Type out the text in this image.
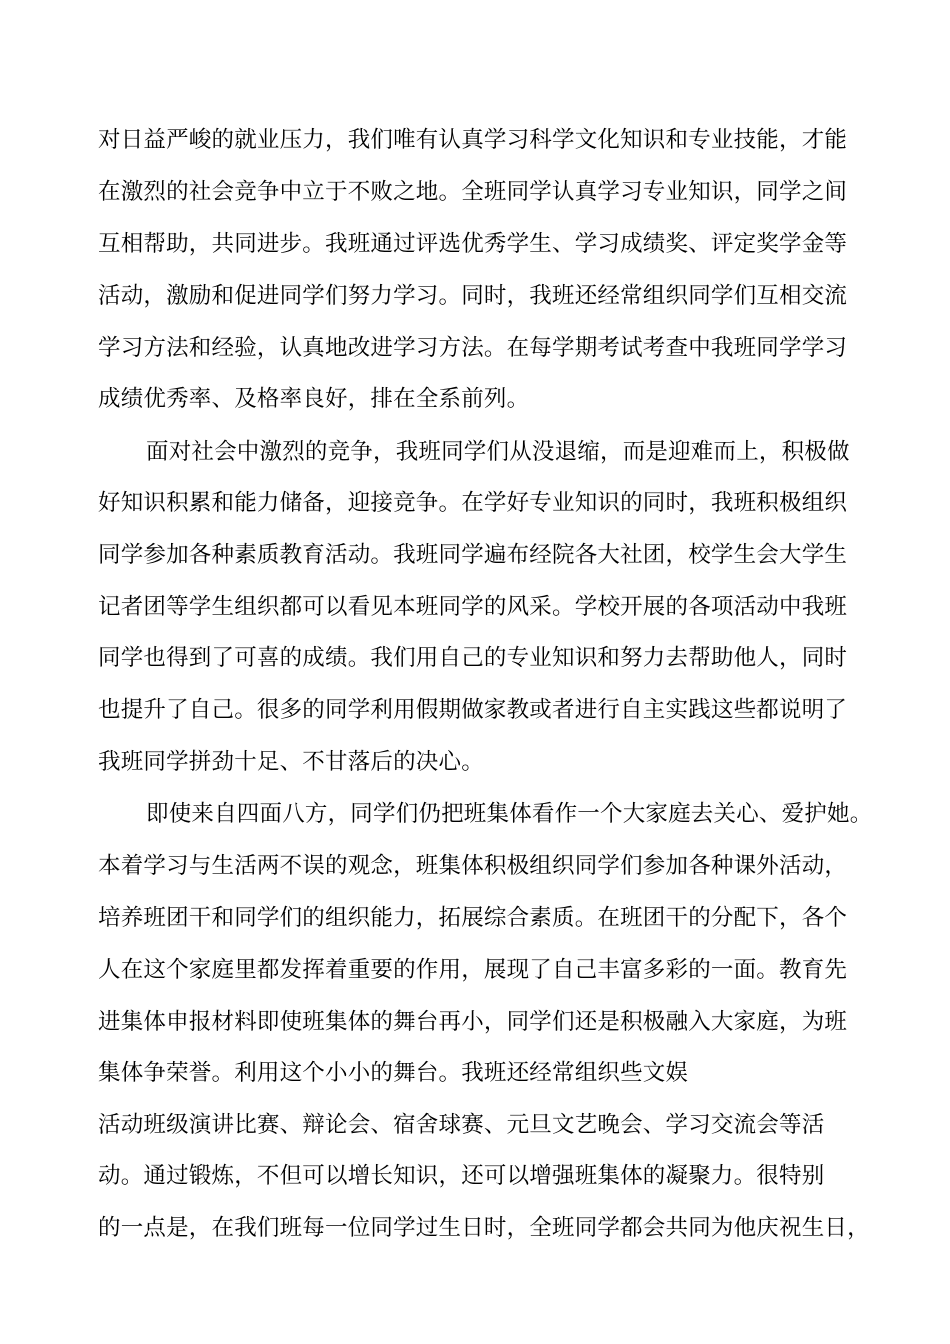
对日益严峻的就业压力，我们唯有认真学习科学文化知识和专业技能，才能
在激烈的社会竞争中立于不败之地。全班同学认真学习专业知识，同学之间
互相帮助，共同进步。我班通过评选优秀学生、学习成绩奖、评定奖学金等
活动，激励和促进同学们努力学习。同时，我班还经常组织同学们互相交流
学习方法和经验，认真地改进学习方法。在每学期考试考查中我班同学学习
成绩优秀率、及格率良好，排在全系前列。
面对社会中激烈的竞争，我班同学们从没退缩，而是迎难而上，积极做
好知识积累和能力储备，迎接竞争。在学好专业知识的同时，我班积极组织
同学参加各种素质教育活动。我班同学遍布经院各大社团，校学生会大学生
记者团等学生组织都可以看见本班同学的风采。学校开展的各项活动中我班
同学也得到了可喜的成绩。我们用自己的专业知识和努力去帮助他人，同时
也提升了自己。很多的同学利用假期做家教或者进行自主实践这些都说明了
我班同学拼劲十足、不甘落后的决心。
即使来自四面八方，同学们仍把班集体看作一个大家庭去关心、爱护她。
本着学习与生活两不误的观念，班集体积极组织同学们参加各种课外活动，
培养班团干和同学们的组织能力，拓展综合素质。在班团干的分配下，各个
人在这个家庭里都发挥着重要的作用，展现了自己丰富多彩的一面。教育先
进集体申报材料即使班集体的舞台再小，同学们还是积极融入大家庭，为班
集体争荣誉。利用这个小小的舞台。我班还经常组织些文娱
活动班级演讲比赛、辩论会、宿舍球赛、元旦文艺晚会、学习交流会等活
动。通过锻炼，不但可以增长知识，还可以增强班集体的凝聚力。很特别
的一点是，在我们班每一位同学过生日时，全班同学都会共同为他庆祝生日，
